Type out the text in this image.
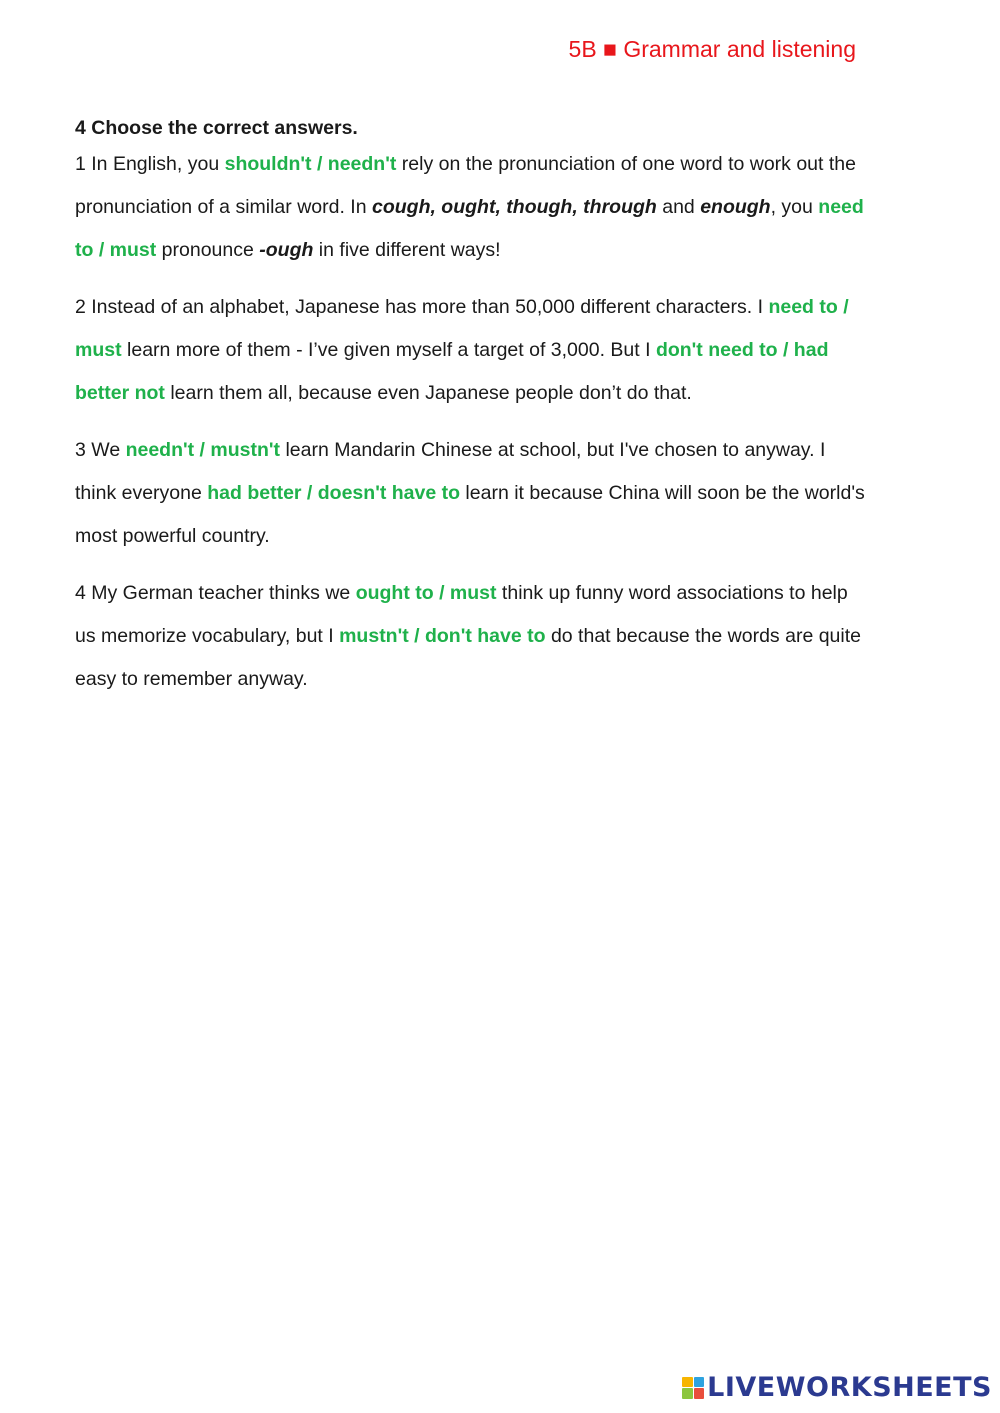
5B ■ Grammar and listening
4 Choose the correct answers.

1 In English, you shouldn't / needn't rely on the pronunciation of one word to work out the pronunciation of a similar word. In cough, ought, though, through and enough, you need to / must pronounce -ough in five different ways!

2 Instead of an alphabet, Japanese has more than 50,000 different characters. I need to / must learn more of them - I’ve given myself a target of 3,000. But I don't need to / had better not learn them all, because even Japanese people don’t do that.

3 We needn't / mustn't learn Mandarin Chinese at school, but I've chosen to anyway. I think everyone had better / doesn't have to learn it because China will soon be the world's most powerful country.

4 My German teacher thinks we ought to / must think up funny word associations to help us memorize vocabulary, but I mustn't / don't have to do that because the words are quite easy to remember anyway.

LIVEWORKSHEETS
